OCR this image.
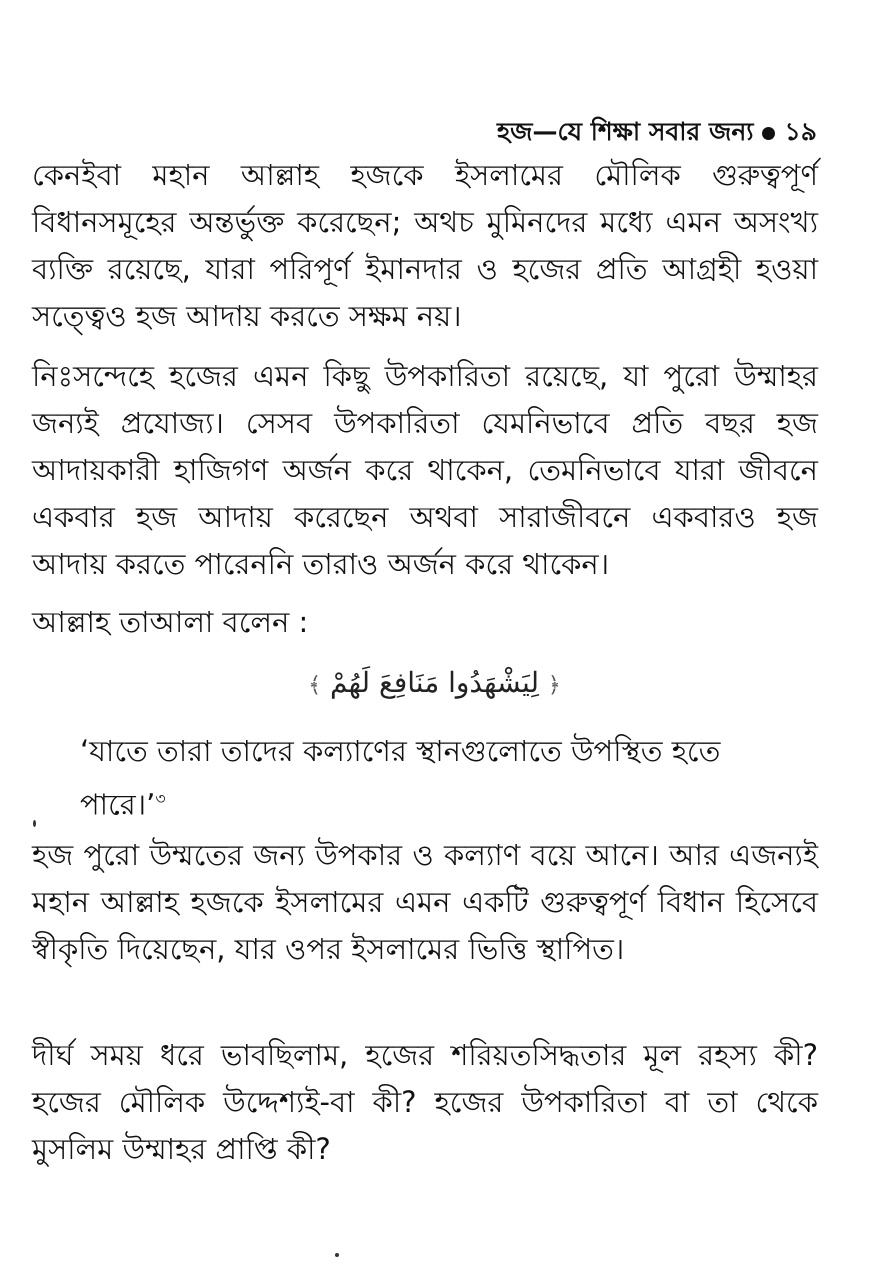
হজ—যে শিক্ষা সবার জন্য ১৯
কেনইবা মহান আল্লাহ হজকে ইসলামের মৌলিক গুরুত্বপূর্ণ বিধানসমূহের অন্তর্ভুক্ত করেছেন; অথচ মুমিনদের মধ্যে এমন অসংখ্য ব্যক্তি রয়েছে, যারা পরিপূর্ণ ইমানদার ও হজের প্রতি আগ্রহী হওয়া সত্ত্বেও হজ আদায় করতে সক্ষম নয়।
নিঃসন্দেহে হজের এমন কিছু উপকারিতা রয়েছে, যা পুরো উম্মাহর জন্যই প্রযোজ্য। সেসব উপকারিতা যেমনিভাবে প্রতি বছর হজ আদায়কারী হাজিগণ অর্জন করে থাকেন, তেমনিভাবে যারা জীবনে একবার হজ আদায় করেছেন অথবা সারাজীবনে একবারও হজ আদায় করতে পারেননি তারাও অর্জন করে থাকেন।
আল্লাহ তাআলা বলেন :
﴿ لِيَشْهَدُوا مَنَافِعَ لَهُمْ ﴾
‘যাতে তারা তাদের কল্যাণের স্থানগুলোতে উপস্থিত হতে পারে।’$^৩$
হজ পুরো উম্মতের জন্য উপকার ও কল্যাণ বয়ে আনে। আর এজন্যই মহান আল্লাহ হজকে ইসলামের এমন একটি গুরুত্বপূর্ণ বিধান হিসেবে স্বীকৃতি দিয়েছেন, যার ওপর ইসলামের ভিত্তি স্থাপিত।
দীর্ঘ সময় ধরে ভাবছিলাম, হজের শরিয়তসিদ্ধতার মূল রহস্য কী? হজের মৌলিক উদ্দেশ্যই-বা কী? হজের উপকারিতা বা তা থেকে মুসলিম উম্মাহর প্রাপ্তি কী?
